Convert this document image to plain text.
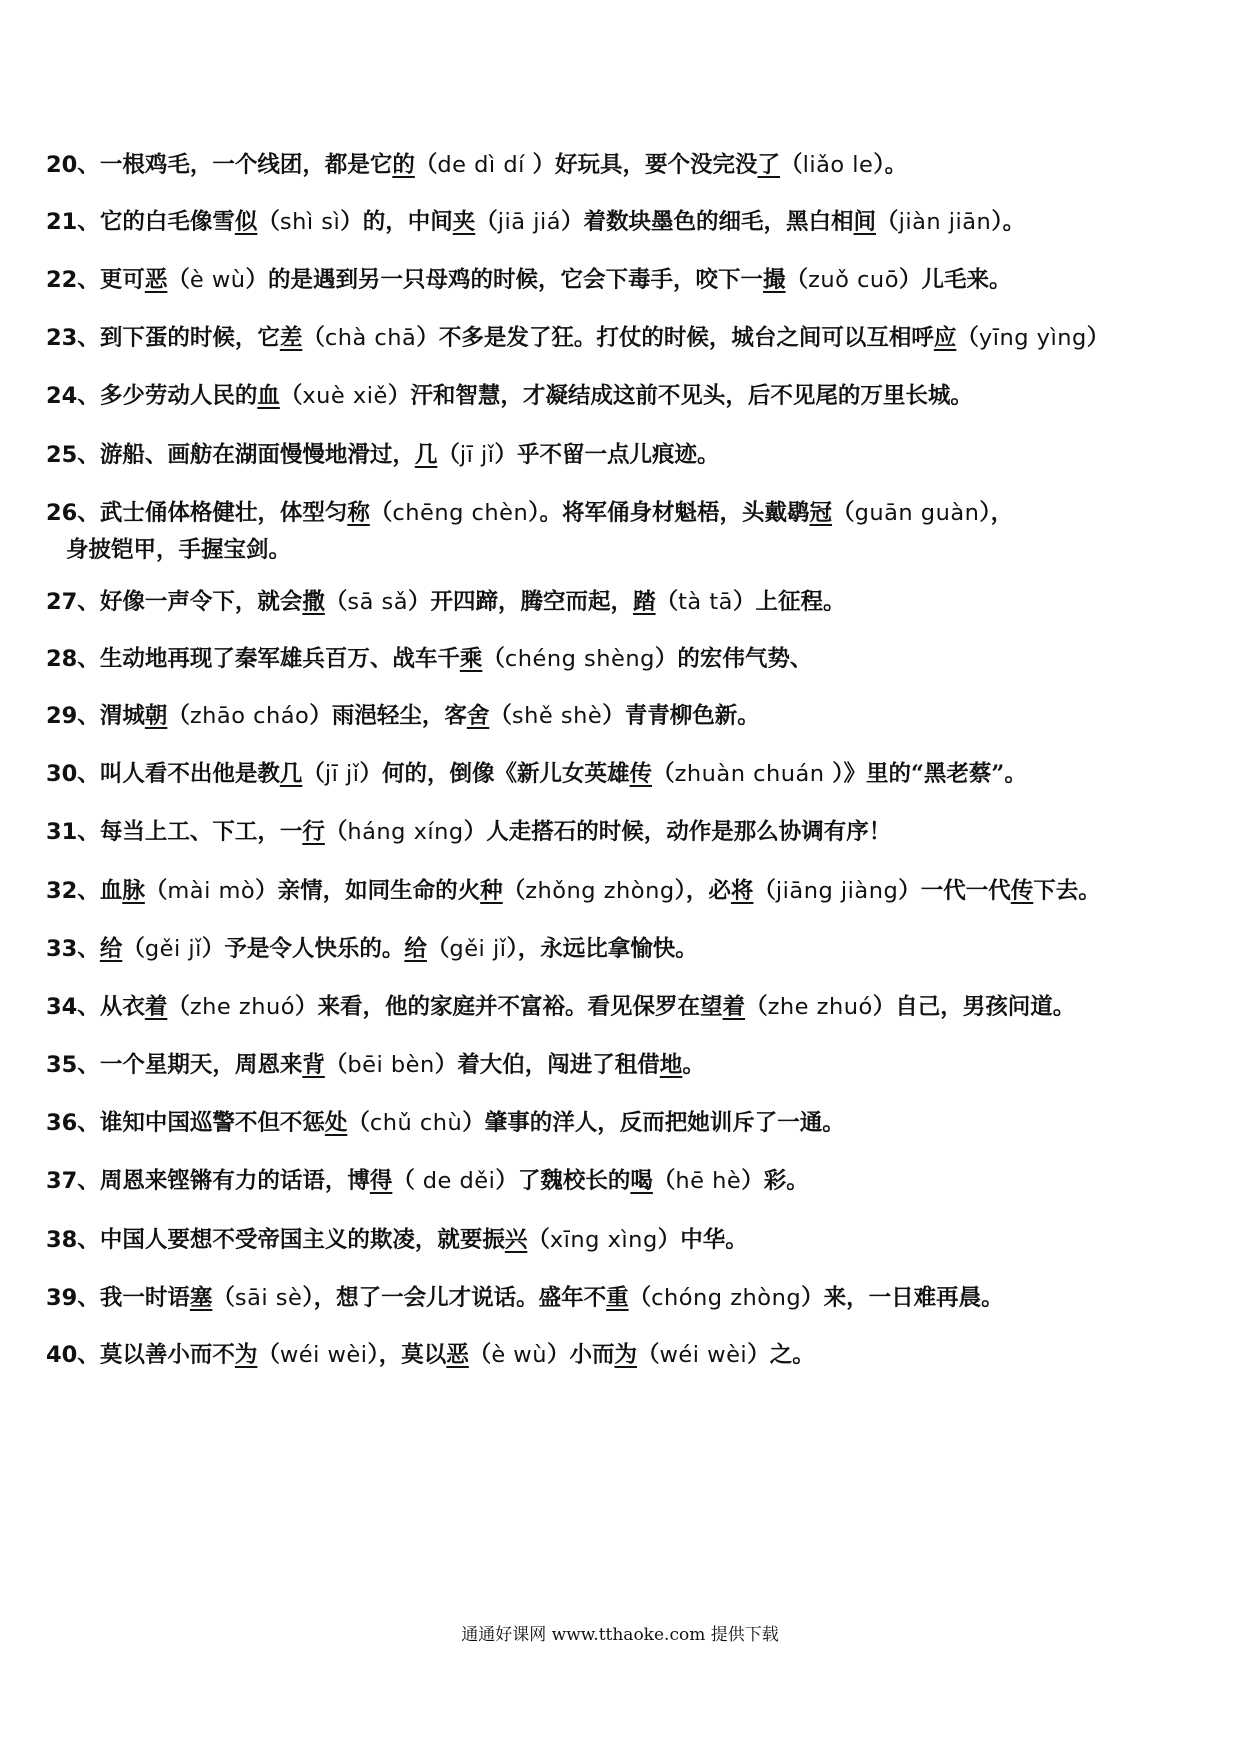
20、一根鸡毛，一个线团，都是它的（de dì dí ）好玩具，要个没完没了（liǎo le）。
21、它的白毛像雪似（shì sì）的，中间夹（jiā jiá）着数块墨色的细毛，黑白相间（jiàn jiān）。
22、更可恶（è wù）的是遇到另一只母鸡的时候，它会下毒手，咬下一撮（zuǒ cuō）儿毛来。
23、到下蛋的时候，它差（chà chā）不多是发了狂。打仗的时候，城台之间可以互相呼应（yīng yìng）
24、多少劳动人民的血（xuè xiě）汗和智慧，才凝结成这前不见头，后不见尾的万里长城。
25、游船、画舫在湖面慢慢地滑过，几（jī jǐ）乎不留一点儿痕迹。
26、武士俑体格健壮，体型匀称（chēng chèn）。将军俑身材魁梧，头戴鹖冠（guān guàn），
身披铠甲，手握宝剑。
27、好像一声令下，就会撒（sā sǎ）开四蹄，腾空而起，踏（tà tā）上征程。
28、生动地再现了秦军雄兵百万、战车千乘（chéng shèng）的宏伟气势、
29、渭城朝（zhāo cháo）雨浥轻尘，客舍（shě shè）青青柳色新。
30、叫人看不出他是教几（jī jǐ）何的，倒像《新儿女英雄传（zhuàn chuán ）》里的“黑老蔡”。
31、每当上工、下工，一行（háng xíng）人走搭石的时候，动作是那么协调有序！
32、血脉（mài mò）亲情，如同生命的火种（zhǒng zhòng），必将（jiāng jiàng）一代一代传下去。
33、给（gěi jǐ）予是令人快乐的。给（gěi jǐ），永远比拿愉快。
34、从衣着（zhe zhuó）来看，他的家庭并不富裕。看见保罗在望着（zhe zhuó）自己，男孩问道。
35、一个星期天，周恩来背（bēi bèn）着大伯，闯进了租借地。
36、谁知中国巡警不但不惩处（chǔ chù）肇事的洋人，反而把她训斥了一通。
37、周恩来铿锵有力的话语，博得（ de děi）了魏校长的喝（hē hè）彩。
38、中国人要想不受帝国主义的欺凌，就要振兴（xīng xìng）中华。
39、我一时语塞（sāi sè），想了一会儿才说话。盛年不重（chóng zhòng）来，一日难再晨。
40、莫以善小而不为（wéi wèi），莫以恶（è wù）小而为（wéi wèi）之。
通通好课网 www.tthaoke.com 提供下载
